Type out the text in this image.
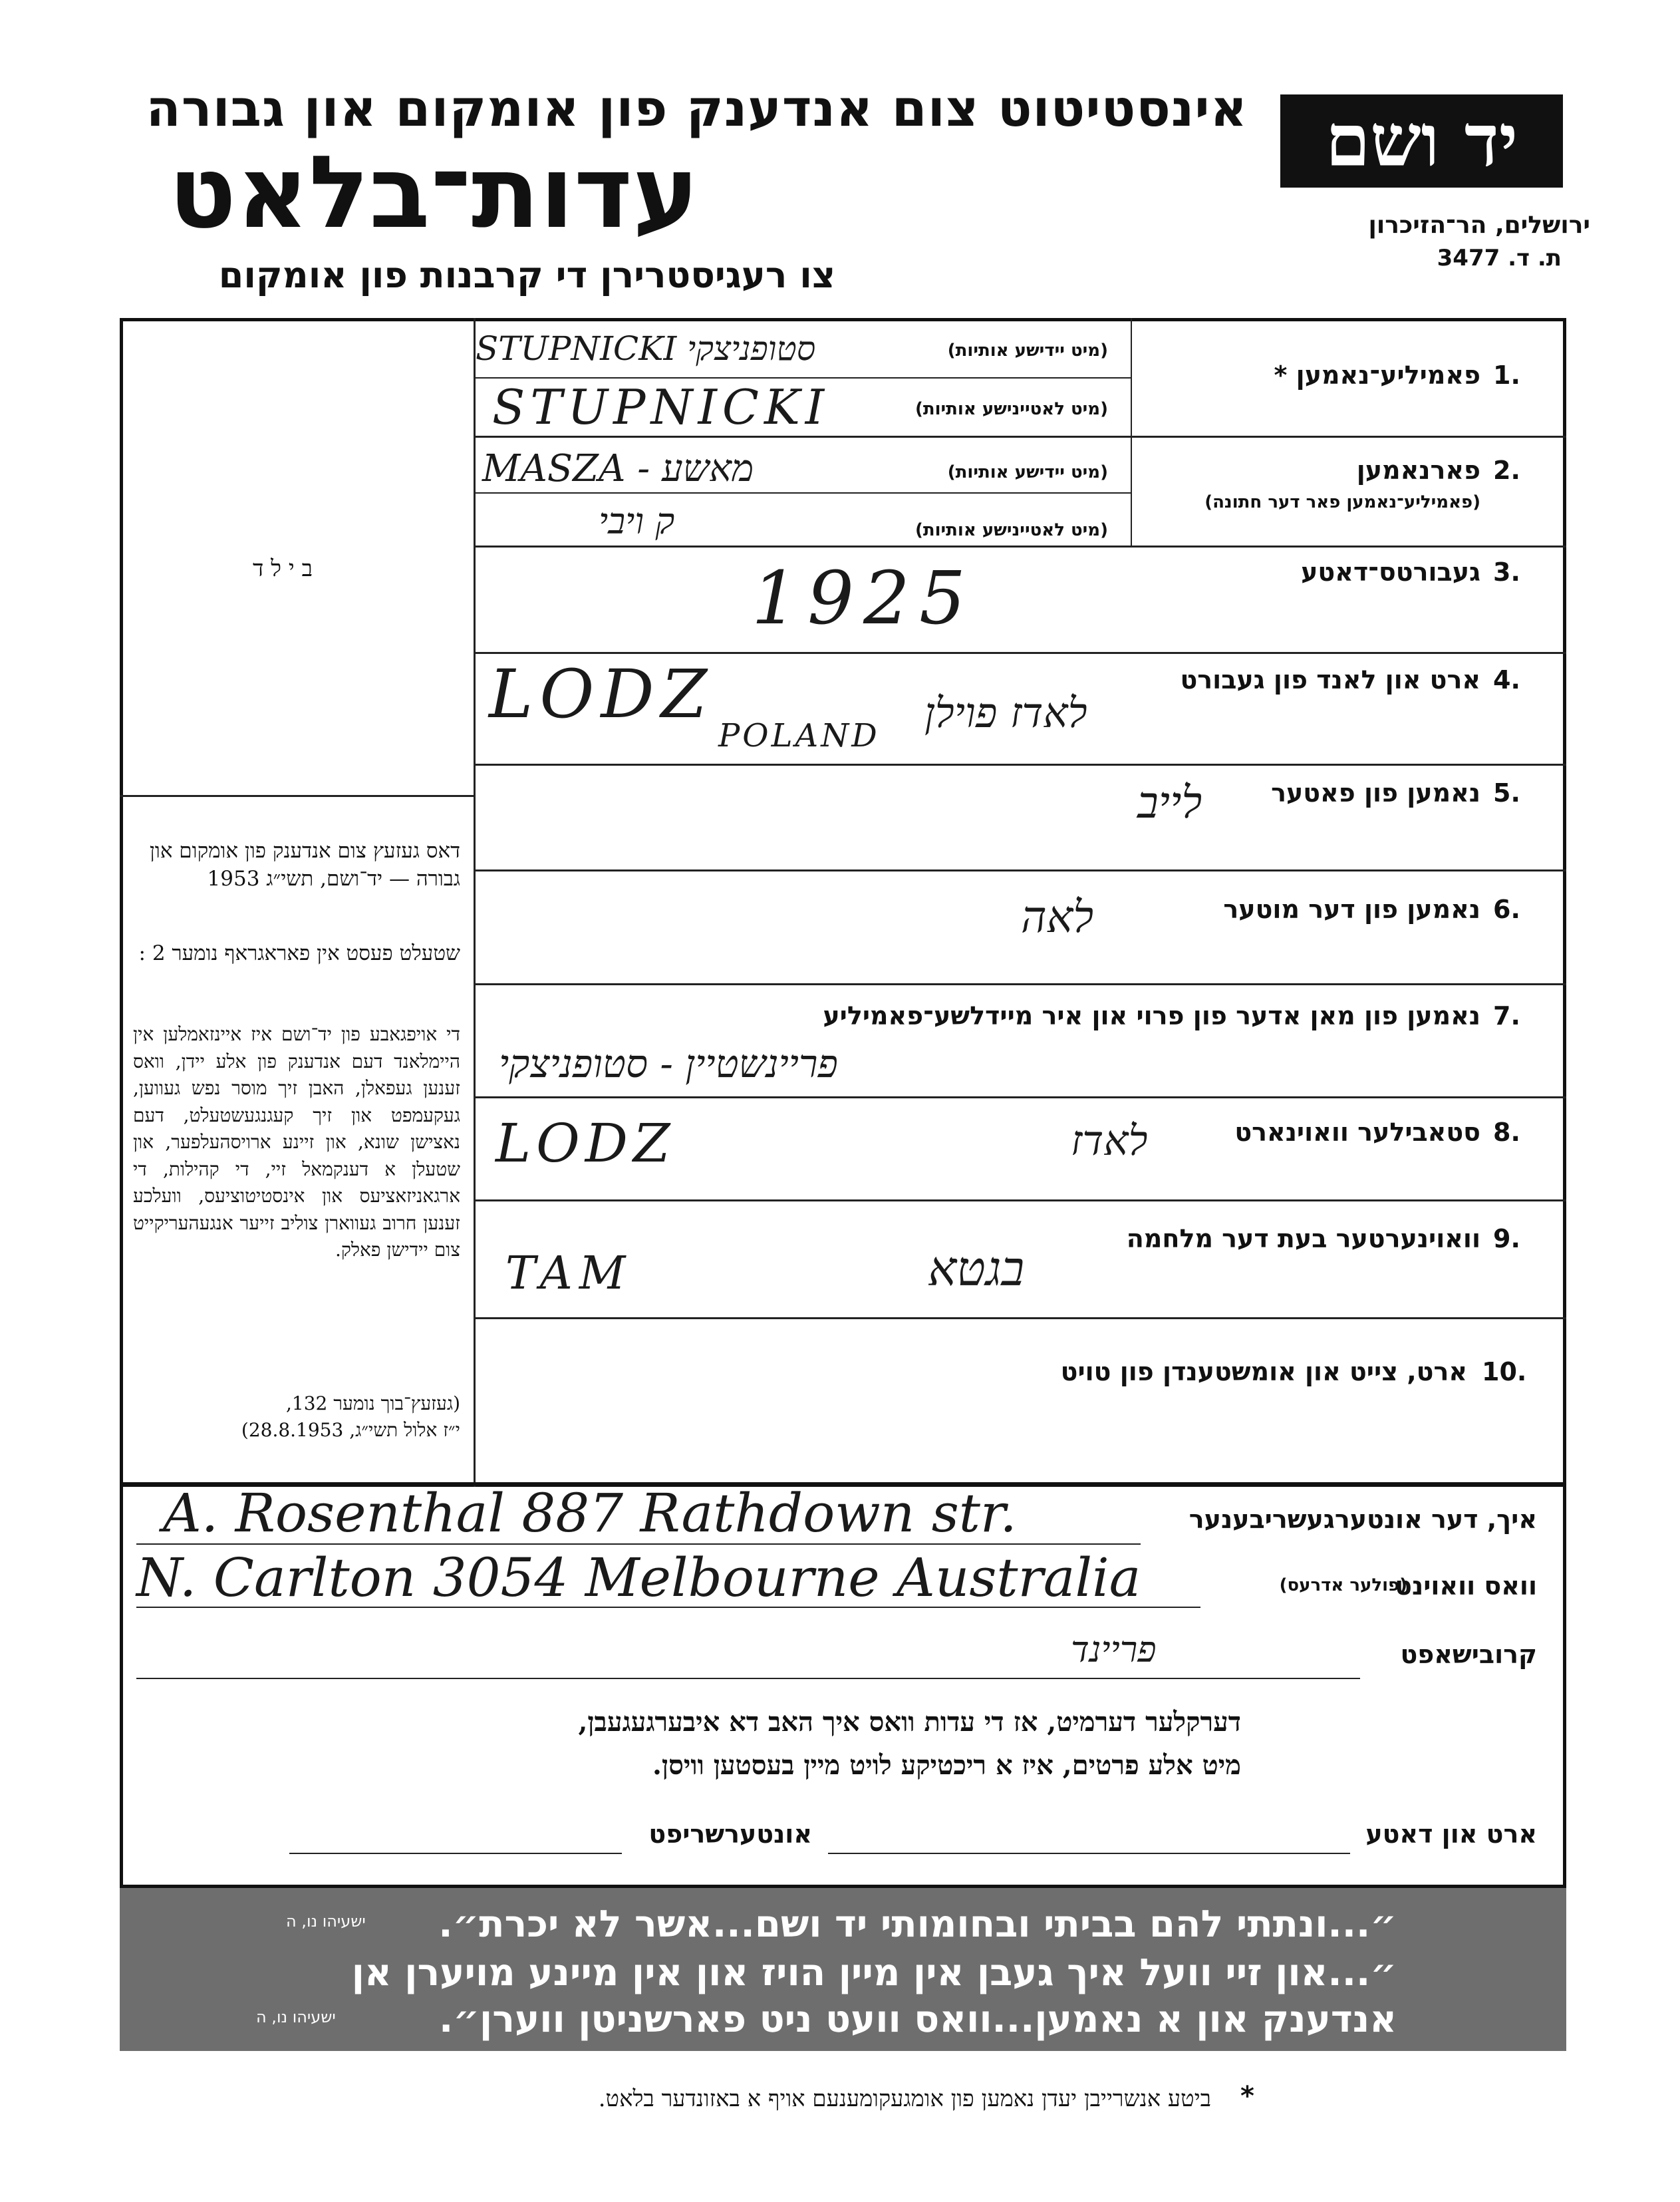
אינסטיטוט צום אנדענק פון אומקום און גבורה
עדות־בלאט
צו רעגיסטרירן די קרבנות פון אומקום
יד ושם
ירושלים, הר־הזיכרון
ת. ד. 3477
ב י ל ד
דאס געזעץ צום אנדענק פון אומקום און גבורה — יד־ושם, תשי״ג 1953
שטעלט פעסט אין פאראגראף נומער 2 :
די אויפגאבע פון יד־ושם איז איינזאמלען אין היימלאנד דעם אנדענק פון אלע יידן, וואס זענען געפאלן, האבן זיך מוסר נפש געווען, געקעמפט און זיך קעגנגעשטעלט, דעם נאצישן שונא, און זיינע ארויסהעלפער, און שטעלן א דענקמאל זיי, די קהילות, די ארגאניזאציעס און אינסטיטוציעס, וועלכע זענען חרוב געווארן צוליב זייער אנגעהעריקייט צום יידישן פאלק.
(געזעץ־בוך נומער 132,
י״ז אלול תשי״ג, 28.8.1953)
1.
פאמיליע־נאמען *
(מיט יידישע אותיות)
(מיט לאטיינישע אותיות)
STUPNICKI סטופניצקי
STUPNICKI
2.
פארנאמען
(פאמיליע־נאמען פאר דער חתונה)
(מיט יידישע אותיות)
(מיט לאטיינישע אותיות)
MASZA - מאשע
ק ויבי
3.
געבורטס־דאטע
1925
4.
ארט און לאנד פון געבורט
LODZ
POLAND לאדז פוילן
5.
נאמען פון פאטער
לייב
6.
נאמען פון דער מוטער
לאה
7.
נאמען פון מאן אדער פון פרוי און איר מיידלשע־פאמיליע
פריינשטיין - סטופניצקי
8.
סטאבילער וואוינארט
LODZ	לאדז
9.
וואוינערטער בעת דער מלחמה
TAM	בגטא
10.
ארט, צייט און אומשטענדן פון טויט
איך, דער אונטערגעשריבענער
A. Rosenthal 887 Rathdown str.
וואס וואוינט
(פולער אדרעס)
N. Carlton 3054 Melbourne Australia
קרובישאפט
פריינד
דערקלער דערמיט, אז די עדות וואס איך האב דא איבערגעגעבן,
מיט אלע פרטים, איז א ריכטיקע לויט מיין בעסטען וויסן.
ארט און דאטע
אונטערשריפט
״...ונתתי להם בביתי ובחומותי יד ושם...אשר לא יכרת״.
ישעיהו נו, ה
״...און זיי וועל איך געבן אין מיין הויז און אין מיינע מויערן אן
אנדענק און א נאמען...וואס וועט ניט פארשניטן ווערן״.
ישעיהו נו, ה
ביטע אנשרייבן יעדן נאמען פון אומגעקומענעם אויף א באזונדער בלאט. *
